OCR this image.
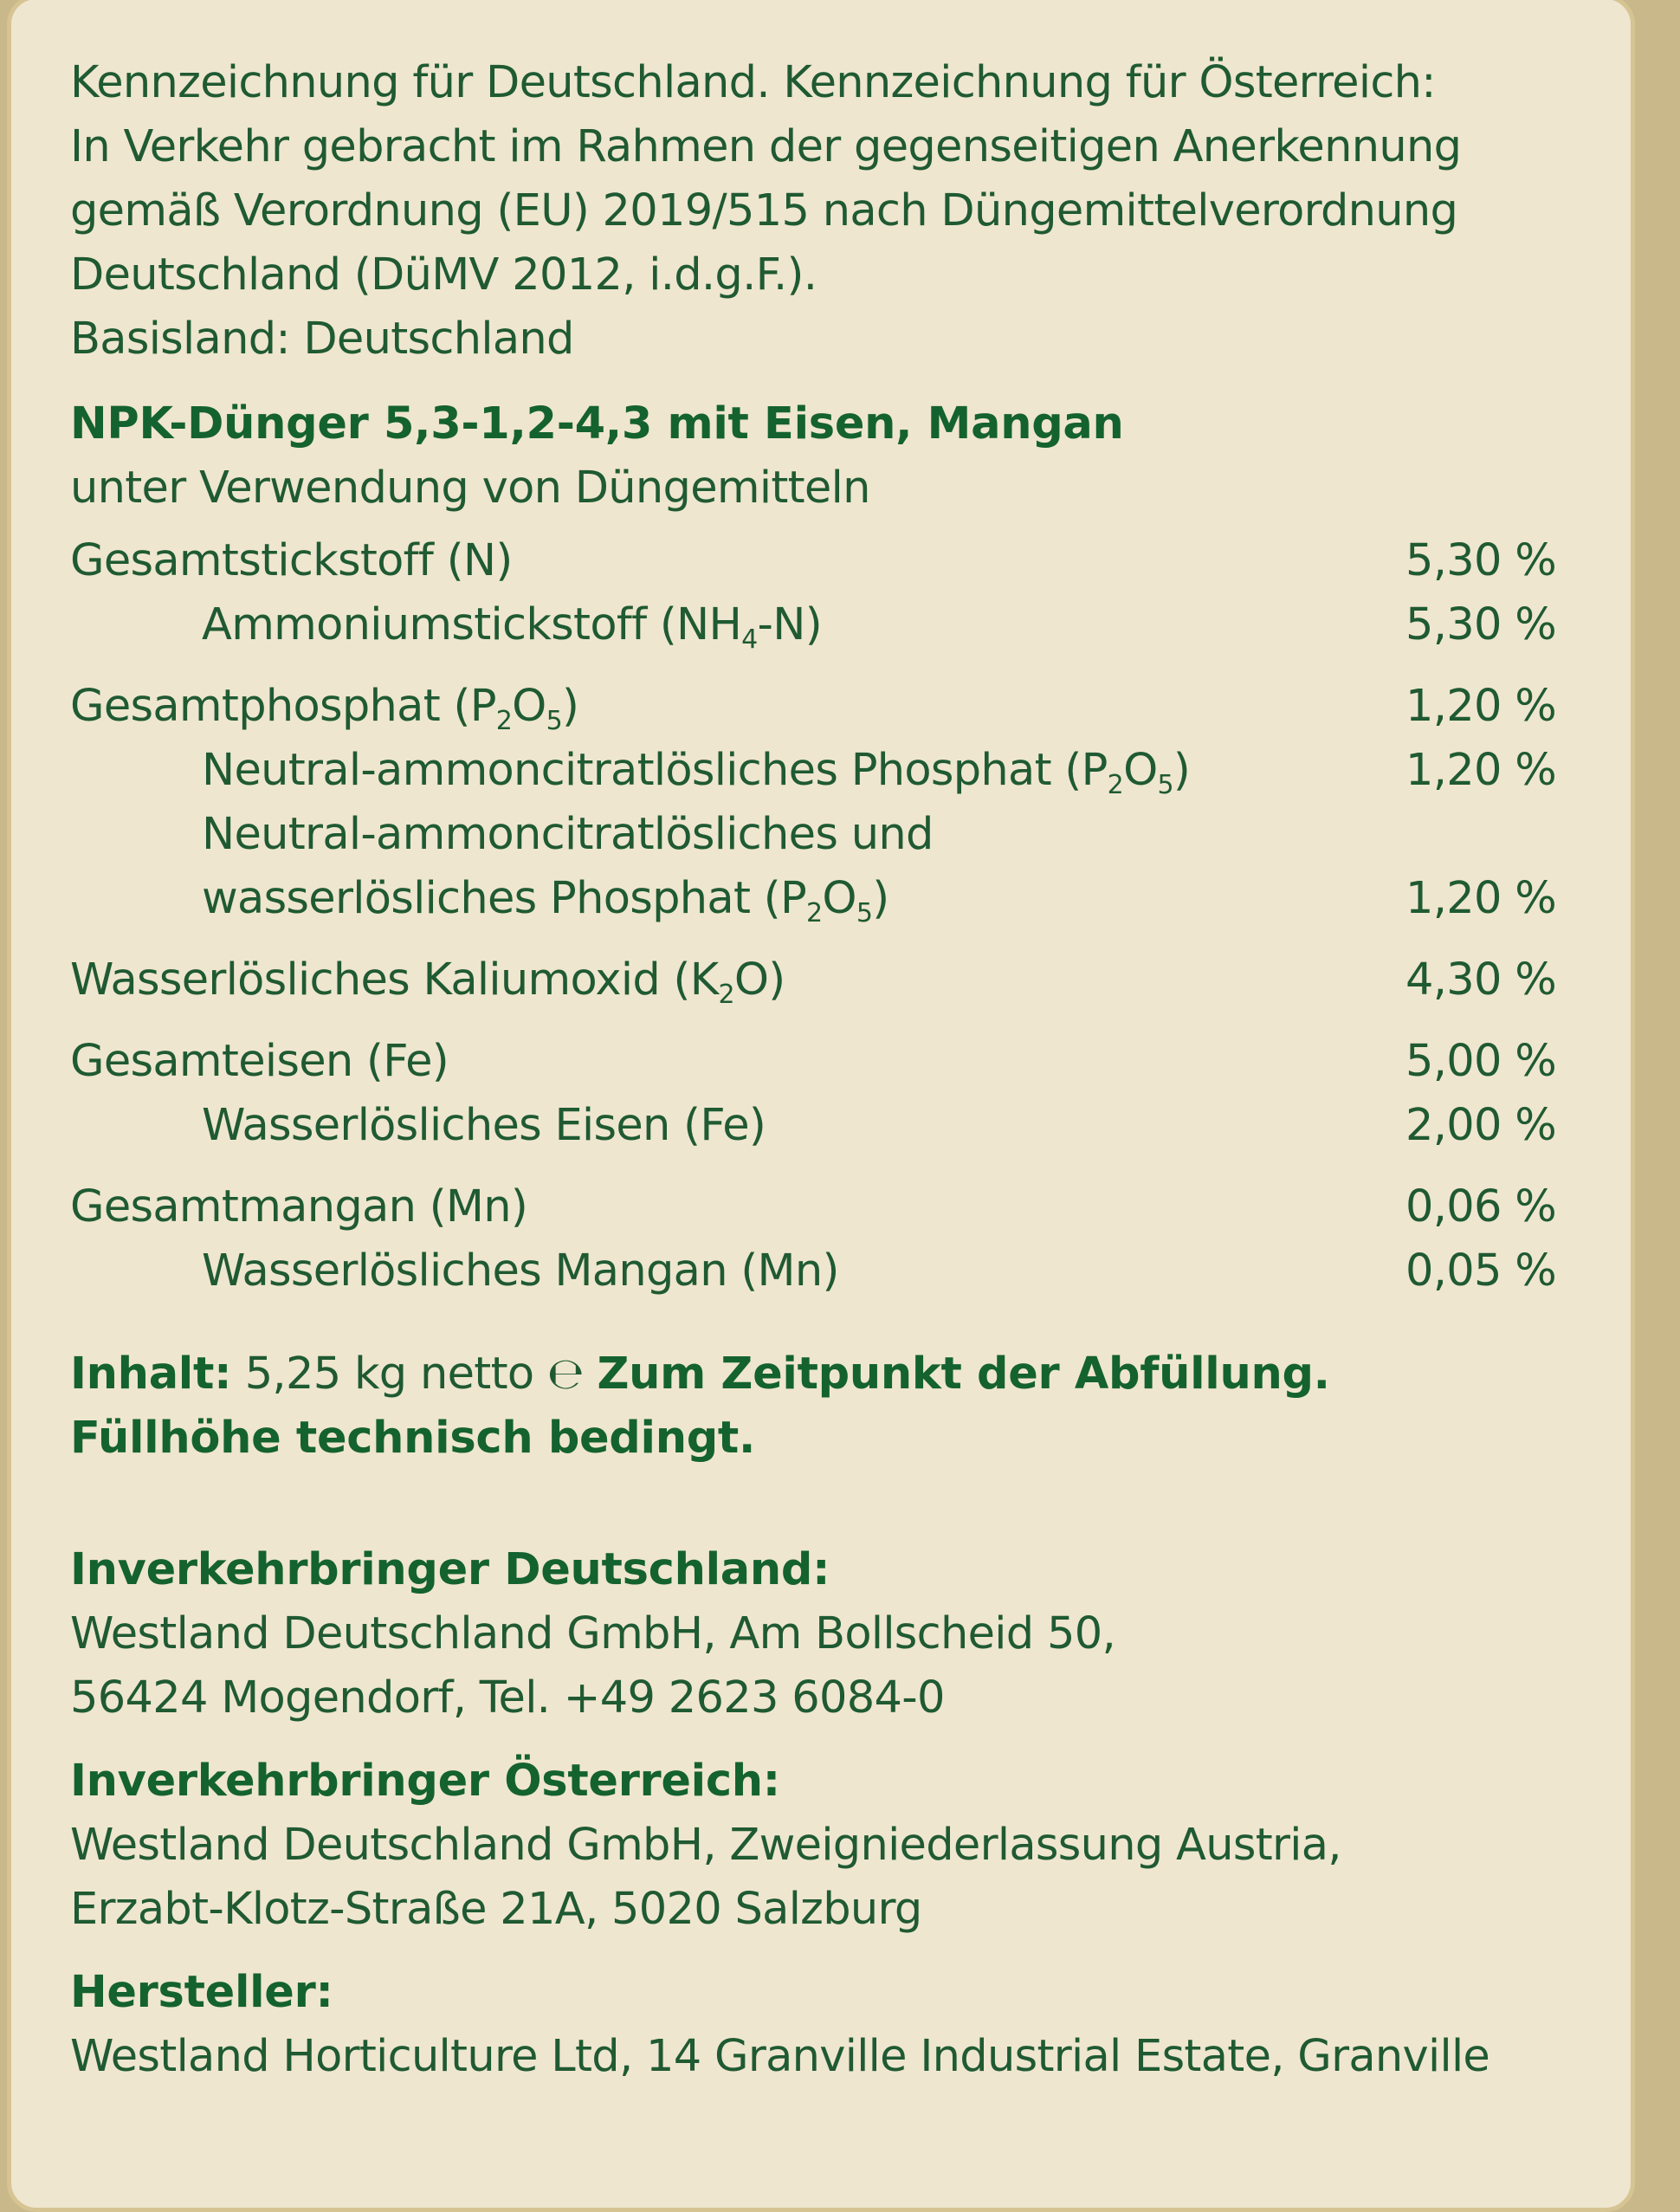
Kennzeichnung für Deutschland. Kennzeichnung für Österreich:
In Verkehr gebracht im Rahmen der gegenseitigen Anerkennung
gemäß Verordnung (EU) 2019/515 nach Düngemittelverordnung
Deutschland (DüMV 2012, i.d.g.F.).
Basisland: Deutschland
NPK-Dünger 5,3-1,2-4,3 mit Eisen, Mangan
unter Verwendung von Düngemitteln
Gesamtstickstoff (N)	5,30 %
Ammoniumstickstoff $(NH_4-N)$	5,30 %
Gesamtphosphat $(P_2O_5)$	1,20 %
Neutral-ammoncitratlösliches Phosphat $(P_2O_5)$	1,20 %
Neutral-ammoncitratlösliches und
wasserlösliches Phosphat $(P_2O_5)$	1,20 %
Wasserlösliches Kaliumoxid $(K_2O)$	4,30 %
Gesamteisen (Fe)	5,00 %
Wasserlösliches Eisen (Fe)	2,00 %
Gesamtmangan (Mn)	0,06 %
Wasserlösliches Mangan (Mn)	0,05 %
Inhalt: 5,25 kg netto ℮ Zum Zeitpunkt der Abfüllung.
Füllhöhe technisch bedingt.
Inverkehrbringer Deutschland:
Westland Deutschland GmbH, Am Bollscheid 50,
56424 Mogendorf, Tel. +49 2623 6084-0
Inverkehrbringer Österreich:
Westland Deutschland GmbH, Zweigniederlassung Austria,
Erzabt-Klotz-Straße 21A, 5020 Salzburg
Hersteller:
Westland Horticulture Ltd, 14 Granville Industrial Estate, Granville
